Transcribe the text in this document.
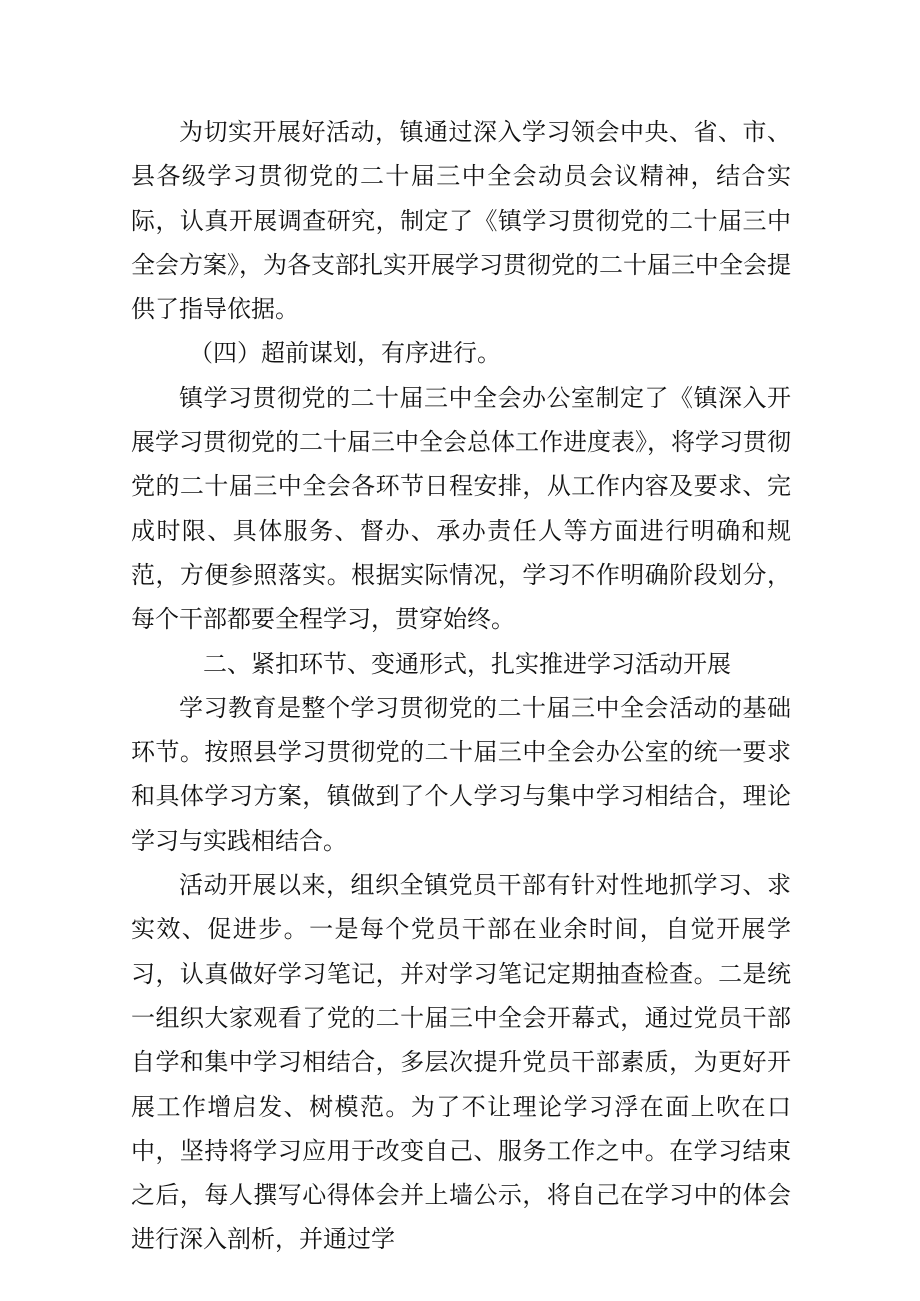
为切实开展好活动，镇通过深入学习领会中央、省、市、县各级学习贯彻党的二十届三中全会动员会议精神，结合实际，认真开展调查研究，制定了《镇学习贯彻党的二十届三中全会方案》，为各支部扎实开展学习贯彻党的二十届三中全会提供了指导依据。

（四）超前谋划，有序进行。

镇学习贯彻党的二十届三中全会办公室制定了《镇深入开展学习贯彻党的二十届三中全会总体工作进度表》，将学习贯彻党的二十届三中全会各环节日程安排，从工作内容及要求、完成时限、具体服务、督办、承办责任人等方面进行明确和规范，方便参照落实。根据实际情况，学习不作明确阶段划分，每个干部都要全程学习，贯穿始终。

二、紧扣环节、变通形式，扎实推进学习活动开展

学习教育是整个学习贯彻党的二十届三中全会活动的基础环节。按照县学习贯彻党的二十届三中全会办公室的统一要求和具体学习方案，镇做到了个人学习与集中学习相结合，理论学习与实践相结合。

活动开展以来，组织全镇党员干部有针对性地抓学习、求实效、促进步。一是每个党员干部在业余时间，自觉开展学习，认真做好学习笔记，并对学习笔记定期抽查检查。二是统一组织大家观看了党的二十届三中全会开幕式，通过党员干部自学和集中学习相结合，多层次提升党员干部素质，为更好开展工作增启发、树模范。为了不让理论学习浮在面上吹在口中，坚持将学习应用于改变自己、服务工作之中。在学习结束之后，每人撰写心得体会并上墙公示，将自己在学习中的体会进行深入剖析，并通过学
